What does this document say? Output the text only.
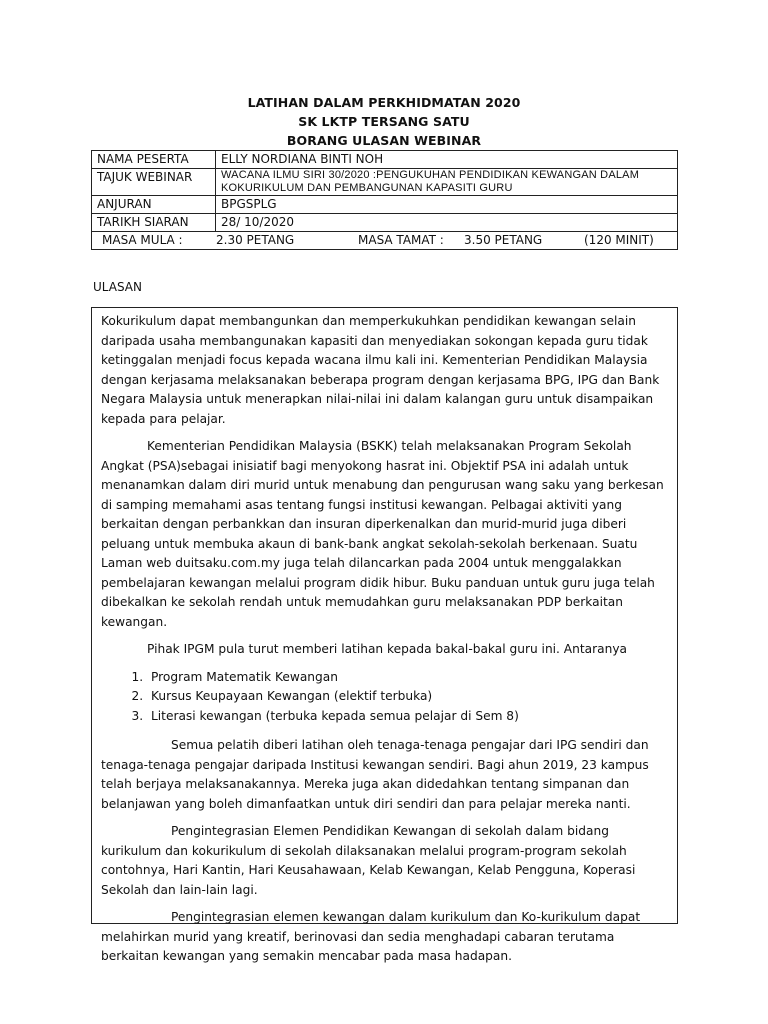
LATIHAN DALAM PERKHIDMATAN 2020
SK LKTP TERSANG SATU
BORANG ULASAN WEBINAR
NAMA PESERTA	ELLY NORDIANA BINTI NOH
TAJUK WEBINAR	WACANA ILMU SIRI 30/2020 :PENGUKUHAN PENDIDIKAN KEWANGAN DALAM
KOKURIKULUM DAN PEMBANGUNAN KAPASITI GURU

ANJURAN	BPGSPLG
TARIKH SIARAN	28/ 10/2020

MASA MULA : 2.30 PETANG MASA TAMAT : 3.50 PETANG (120 MINIT)	
ULASAN

Kokurikulum dapat membangunkan dan memperkukuhkan pendidikan kewangan selain daripada usaha membangunakan kapasiti dan menyediakan sokongan kepada guru tidak ketinggalan menjadi focus kepada wacana ilmu kali ini. Kementerian Pendidikan Malaysia dengan kerjasama melaksanakan beberapa program dengan kerjasama BPG, IPG dan Bank Negara Malaysia untuk menerapkan nilai-nilai ini dalam kalangan guru untuk disampaikan kepada para pelajar.

Kementerian Pendidikan Malaysia (BSKK) telah melaksanakan Program Sekolah Angkat (PSA)sebagai inisiatif bagi menyokong hasrat ini. Objektif PSA ini adalah untuk menanamkan dalam diri murid untuk menabung dan pengurusan wang saku yang berkesan di samping memahami asas tentang fungsi institusi kewangan. Pelbagai aktiviti yang berkaitan dengan perbankkan dan insuran diperkenalkan dan murid-murid juga diberi peluang untuk membuka akaun di bank-bank angkat sekolah-sekolah berkenaan. Suatu Laman web duitsaku.com.my juga telah dilancarkan pada 2004 untuk menggalakkan pembelajaran kewangan melalui program didik hibur. Buku panduan untuk guru juga telah dibekalkan ke sekolah rendah untuk memudahkan guru melaksanakan PDP berkaitan kewangan.

Pihak IPGM pula turut memberi latihan kepada bakal-bakal guru ini. Antaranya

1. Program Matematik Kewangan
2. Kursus Keupayaan Kewangan (elektif terbuka)
3. Literasi kewangan (terbuka kepada semua pelajar di Sem 8)

Semua pelatih diberi latihan oleh tenaga-tenaga pengajar dari IPG sendiri dan tenaga-tenaga pengajar daripada Institusi kewangan sendiri. Bagi ahun 2019, 23 kampus telah berjaya melaksanakannya. Mereka juga akan didedahkan tentang simpanan dan belanjawan yang boleh dimanfaatkan untuk diri sendiri dan para pelajar mereka nanti.

Pengintegrasian Elemen Pendidikan Kewangan di sekolah dalam bidang kurikulum dan kokurikulum di sekolah dilaksanakan melalui program-program sekolah contohnya, Hari Kantin, Hari Keusahawaan, Kelab Kewangan, Kelab Pengguna, Koperasi Sekolah dan lain-lain lagi.

Pengintegrasian elemen kewangan dalam kurikulum dan Ko-kurikulum dapat melahirkan murid yang kreatif, berinovasi dan sedia menghadapi cabaran terutama berkaitan kewangan yang semakin mencabar pada masa hadapan.
